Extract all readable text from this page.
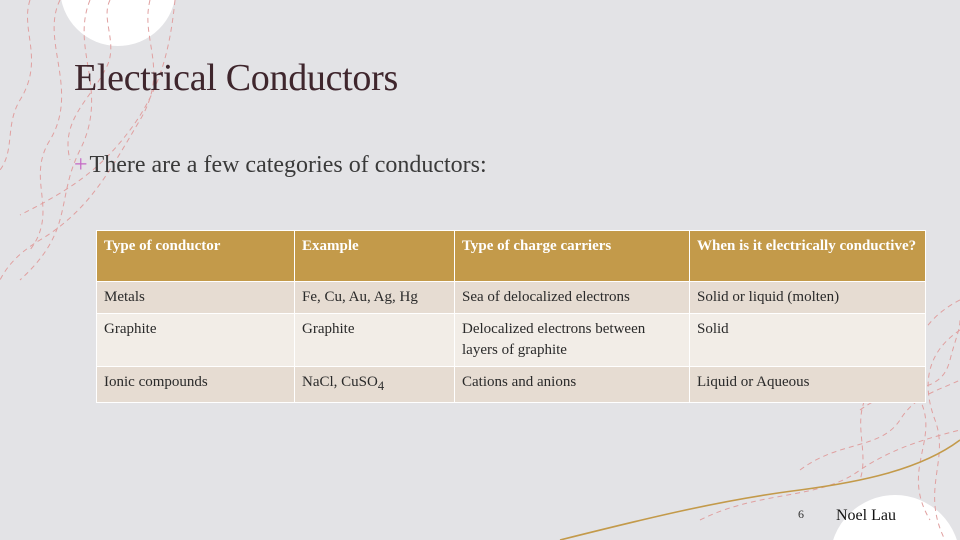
Electrical Conductors
+ There are a few categories of conductors:
Type of conductor	Example	Type of charge carriers	When is it electrically conductive?
Metals	Fe, Cu, Au, Ag, Hg	Sea of delocalized electrons	Solid or liquid (molten)
Graphite	Graphite	Delocalized electrons between layers of graphite	Solid
Ionic compounds	NaCl, CuSO$_4$	Cations and anions	Liquid or Aqueous
6 Noel Lau
